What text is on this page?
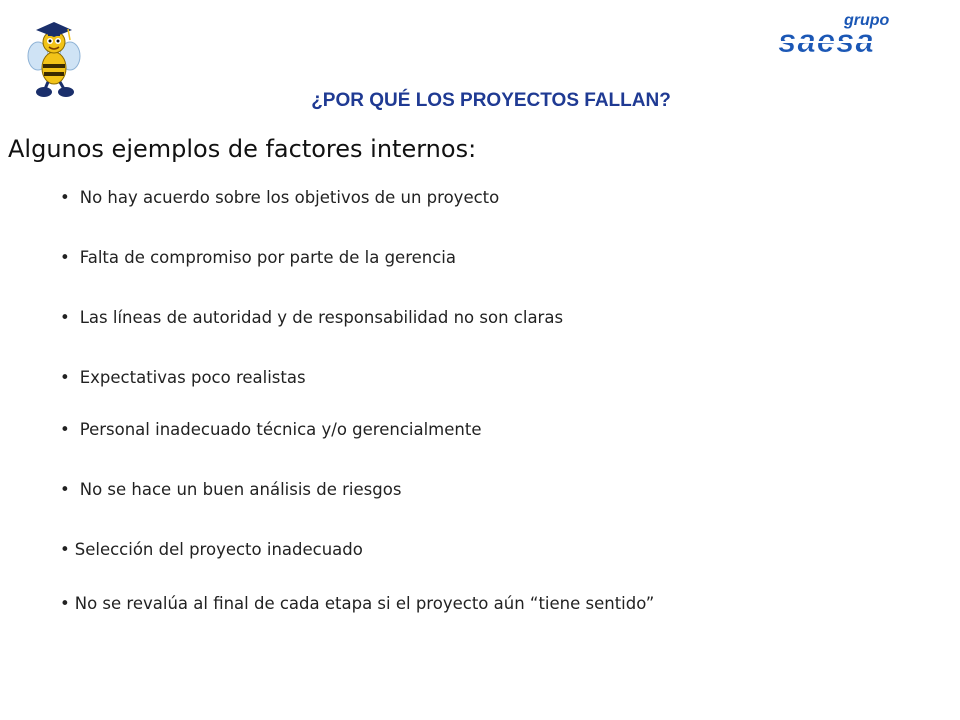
grupo
saesa
¿POR QUÉ LOS PROYECTOS FALLAN?
Algunos ejemplos de factores internos:
• No hay acuerdo sobre los objetivos de un proyecto
• Falta de compromiso por parte de la gerencia
• Las líneas de autoridad y de responsabilidad no son claras
• Expectativas poco realistas
• Personal inadecuado técnica y/o gerencialmente
• No se hace un buen análisis de riesgos
• Selección del proyecto inadecuado
• No se revalúa al final de cada etapa si el proyecto aún “tiene sentido”
